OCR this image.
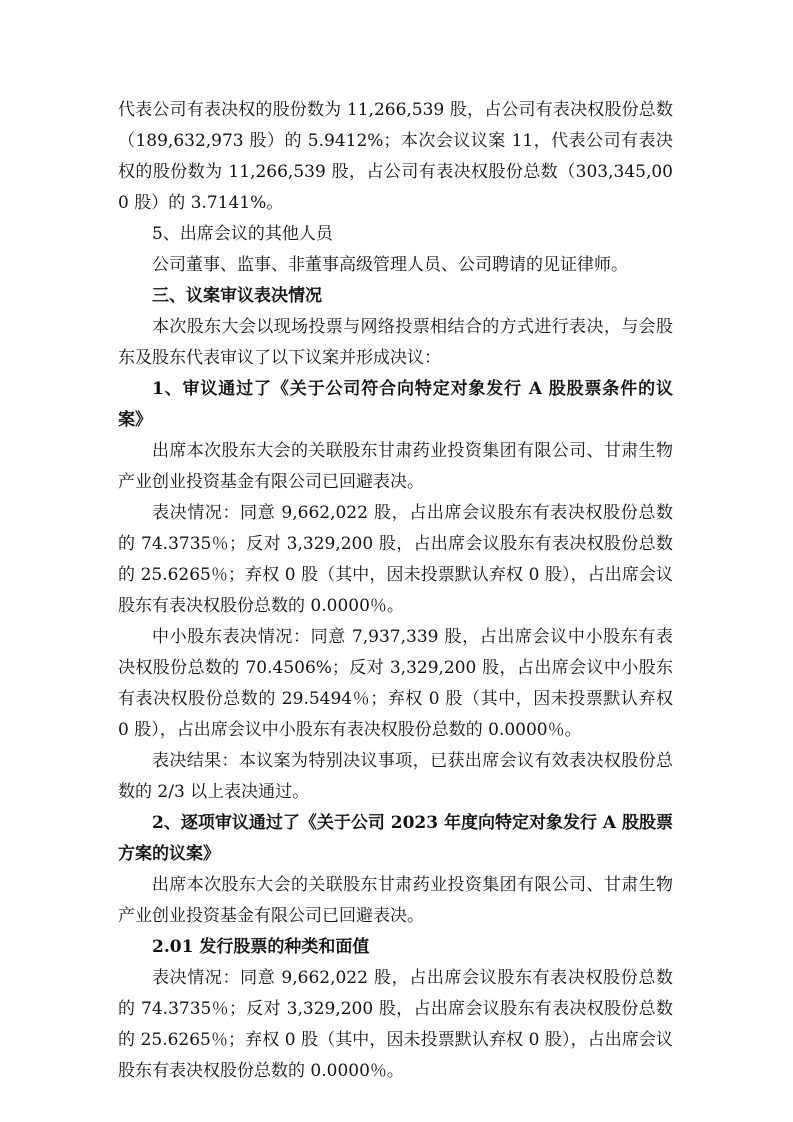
代表公司有表决权的股份数为 11,266,539 股，占公司有表决权股份总数（189,632,973 股）的 5.9412%；本次会议议案 11，代表公司有表决权的股份数为 11,266,539 股，占公司有表决权股份总数（303,345,000 股）的 3.7141%。

5、出席会议的其他人员

公司董事、监事、非董事高级管理人员、公司聘请的见证律师。

三、议案审议表决情况

本次股东大会以现场投票与网络投票相结合的方式进行表决，与会股东及股东代表审议了以下议案并形成决议：

1、审议通过了《关于公司符合向特定对象发行 A 股股票条件的议案》

出席本次股东大会的关联股东甘肃药业投资集团有限公司、甘肃生物产业创业投资基金有限公司已回避表决。

表决情况：同意 9,662,022 股，占出席会议股东有表决权股份总数的 74.3735％；反对 3,329,200 股，占出席会议股东有表决权股份总数的 25.6265％；弃权 0 股（其中，因未投票默认弃权 0 股），占出席会议股东有表决权股份总数的 0.0000％。

中小股东表决情况：同意 7,937,339 股，占出席会议中小股东有表决权股份总数的 70.4506%；反对 3,329,200 股，占出席会议中小股东有表决权股份总数的 29.5494％；弃权 0 股（其中，因未投票默认弃权 0 股），占出席会议中小股东有表决权股份总数的 0.0000％。

表决结果：本议案为特别决议事项，已获出席会议有效表决权股份总数的 2/3 以上表决通过。

2、逐项审议通过了《关于公司 2023 年度向特定对象发行 A 股股票方案的议案》

出席本次股东大会的关联股东甘肃药业投资集团有限公司、甘肃生物产业创业投资基金有限公司已回避表决。

2.01 发行股票的种类和面值

表决情况：同意 9,662,022 股，占出席会议股东有表决权股份总数的 74.3735％；反对 3,329,200 股，占出席会议股东有表决权股份总数的 25.6265％；弃权 0 股（其中，因未投票默认弃权 0 股），占出席会议股东有表决权股份总数的 0.0000％。
